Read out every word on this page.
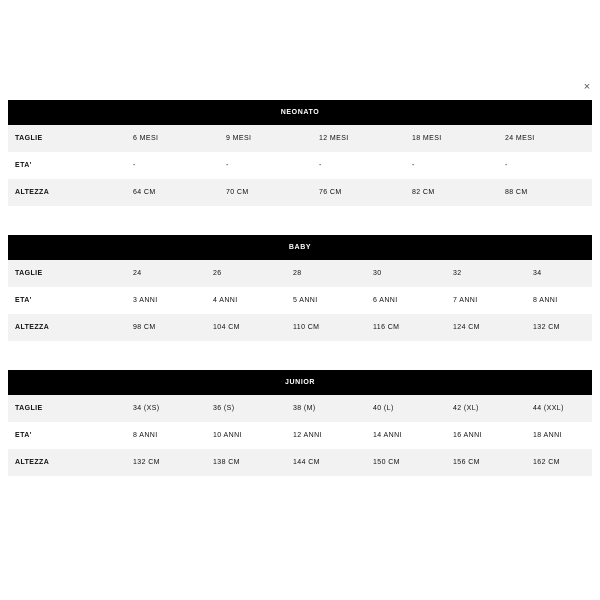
×
NEONATO					
TAGLIE	6 MESI	9 MESI	12 MESI	18 MESI	24 MESI
ETA'	-	-	-	-	-
ALTEZZA	64 CM	70 CM	76 CM	82 CM	88 CM
BABY						
TAGLIE	24	26	28	30	32	34
ETA'	3 ANNI	4 ANNI	5 ANNI	6 ANNI	7 ANNI	8 ANNI
ALTEZZA	98 CM	104 CM	110 CM	116 CM	124 CM	132 CM
JUNIOR						
TAGLIE	34 (XS)	36 (S)	38 (M)	40 (L)	42 (XL)	44 (XXL)
ETA'	8 ANNI	10 ANNI	12 ANNI	14 ANNI	16 ANNI	18 ANNI
ALTEZZA	132 CM	138 CM	144 CM	150 CM	156 CM	162 CM
